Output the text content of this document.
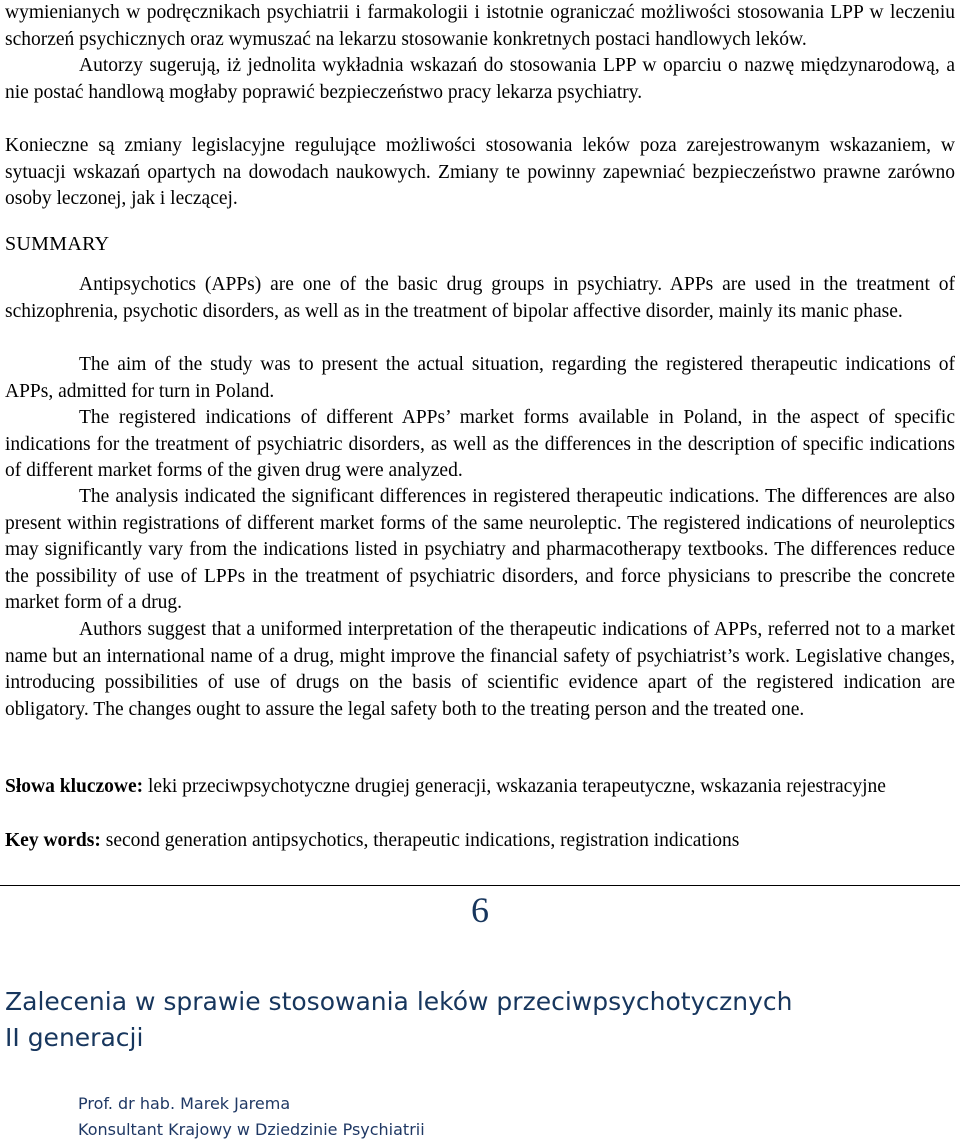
wymienianych w podręcznikach psychiatrii i farmakologii i istotnie ograniczać możliwości stosowania LPP w leczeniu schorzeń psychicznych oraz wymuszać na lekarzu stosowanie konkretnych postaci handlowych leków.

Autorzy sugerują, iż jednolita wykładnia wskazań do stosowania LPP w oparciu o nazwę międzynarodową, a nie postać handlową mogłaby poprawić bezpieczeństwo pracy lekarza psychiatry.

Konieczne są zmiany legislacyjne regulujące możliwości stosowania leków poza zarejestrowanym wskazaniem, w sytuacji wskazań opartych na dowodach naukowych. Zmiany te powinny zapewniać bezpieczeństwo prawne zarówno osoby leczonej, jak i leczącej.

SUMMARY

Antipsychotics (APPs) are one of the basic drug groups in psychiatry. APPs are used in the treatment of schizophrenia, psychotic disorders, as well as in the treatment of bipolar affective disorder, mainly its manic phase.

The aim of the study was to present the actual situation, regarding the registered therapeutic indications of APPs, admitted for turn in Poland.

The registered indications of different APPs’ market forms available in Poland, in the aspect of specific indications for the treatment of psychiatric disorders, as well as the differences in the description of specific indications of different market forms of the given drug were analyzed.

The analysis indicated the significant differences in registered therapeutic indications. The differences are also present within registrations of different market forms of the same neuroleptic. The registered indications of neuroleptics may significantly vary from the indications listed in psychiatry and pharmacotherapy textbooks. The differences reduce the possibility of use of LPPs in the treatment of psychiatric disorders, and force physicians to prescribe the concrete market form of a drug.

Authors suggest that a uniformed interpretation of the therapeutic indications of APPs, referred not to a market name but an international name of a drug, might improve the financial safety of psychiatrist’s work. Legislative changes, introducing possibilities of use of drugs on the basis of scientific evidence apart of the registered indication are obligatory. The changes ought to assure the legal safety both to the treating person and the treated one.

Słowa kluczowe: leki przeciwpsychotyczne drugiej generacji, wskazania terapeutyczne, wskazania rejestracyjne

Key words: second generation antipsychotics, therapeutic indications, registration indications

6
Zalecenia w sprawie stosowania leków przeciwpsychotycznych
II generacji

Prof. dr hab. Marek Jarema

Konsultant Krajowy w Dziedzinie Psychiatrii
